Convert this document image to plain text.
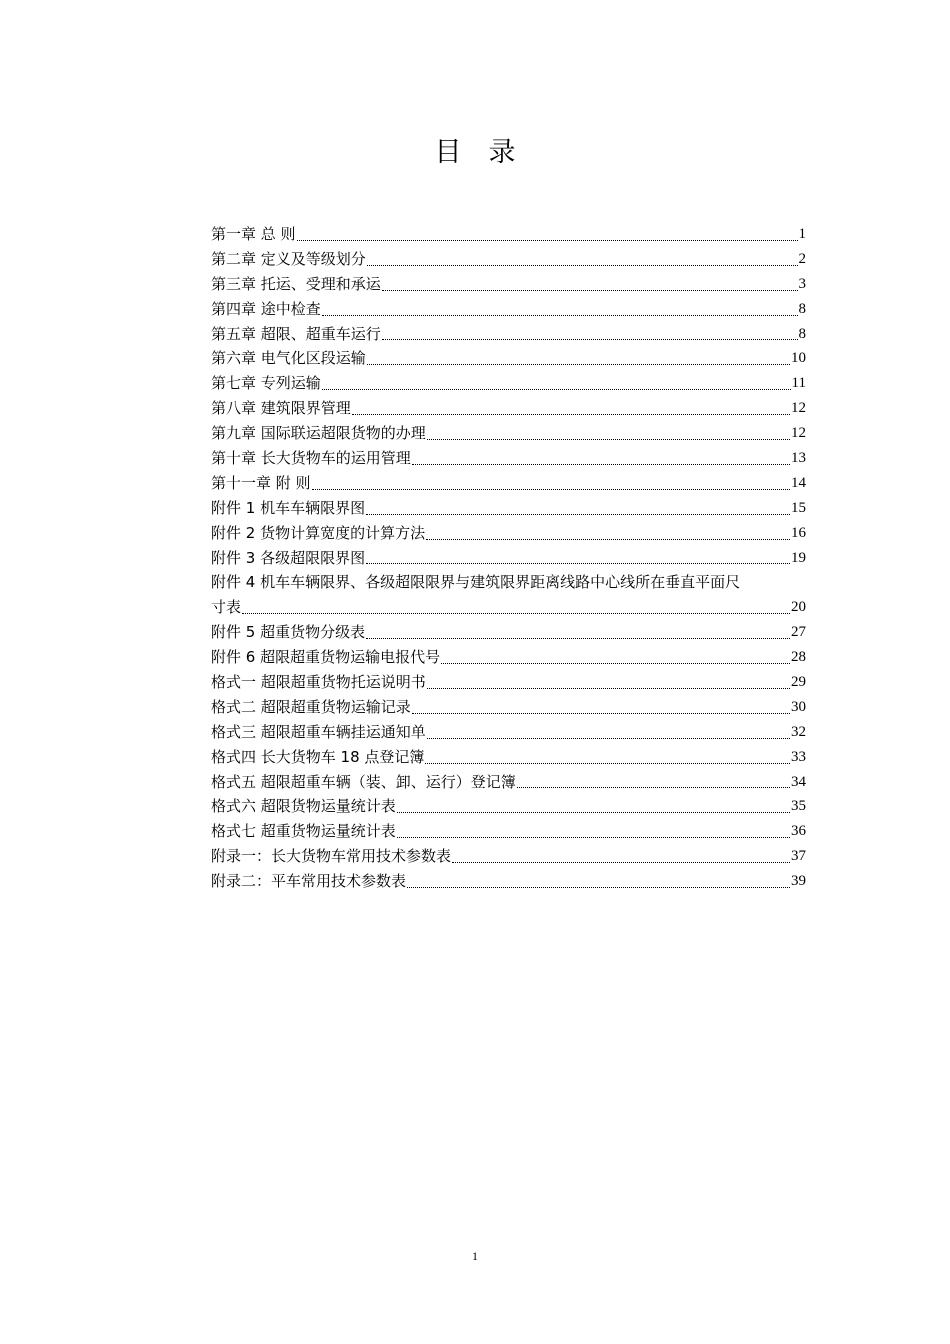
目　录
第一章 总 则	1
第二章 定义及等级划分	2
第三章 托运、受理和承运	3
第四章 途中检查	8
第五章 超限、超重车运行	8
第六章 电气化区段运输	10
第七章 专列运输	11
第八章 建筑限界管理	12
第九章 国际联运超限货物的办理	12
第十章 长大货物车的运用管理	13
第十一章 附 则	14
附件 1 机车车辆限界图	15
附件 2 货物计算宽度的计算方法	16
附件 3 各级超限限界图	19
附件 4 机车车辆限界、各级超限限界与建筑限界距离线路中心线所在垂直平面尺
寸表	20
附件 5 超重货物分级表	27
附件 6 超限超重货物运输电报代号	28
格式一 超限超重货物托运说明书	29
格式二 超限超重货物运输记录	30
格式三 超限超重车辆挂运通知单	32
格式四 长大货物车 18 点登记簿	33
格式五 超限超重车辆（装、卸、运行）登记簿	34
格式六 超限货物运量统计表	35
格式七 超重货物运量统计表	36
附录一：长大货物车常用技术参数表	37
附录二：平车常用技术参数表	39
1
